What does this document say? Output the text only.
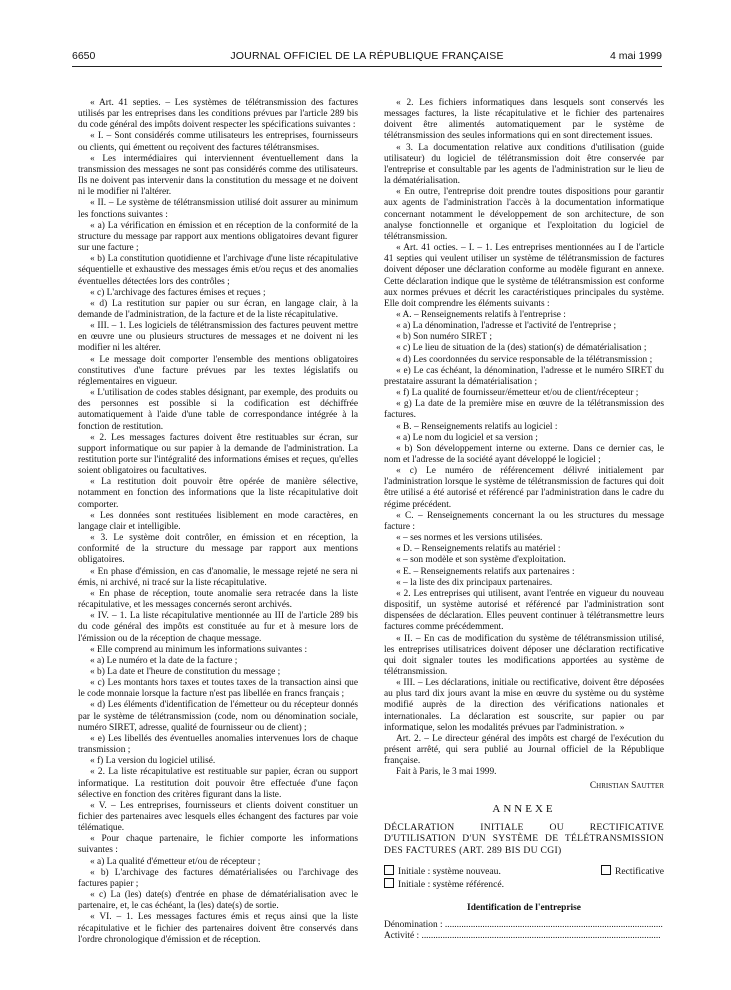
6650	JOURNAL OFFICIEL DE LA RÉPUBLIQUE FRANÇAISE	4 mai 1999

« Art. 41 septies. – Les systèmes de télétransmission des factures utilisés par les entreprises dans les conditions prévues par l'article 289 bis du code général des impôts doivent respecter les spécifications suivantes :

« I. – Sont considérés comme utilisateurs les entreprises, fournisseurs ou clients, qui émettent ou reçoivent des factures télétransmises.

« Les intermédiaires qui interviennent éventuellement dans la transmission des messages ne sont pas considérés comme des utilisateurs. Ils ne doivent pas intervenir dans la constitution du message et ne doivent ni le modifier ni l'altérer.

« II. – Le système de télétransmission utilisé doit assurer au minimum les fonctions suivantes :

« a) La vérification en émission et en réception de la conformité de la structure du message par rapport aux mentions obligatoires devant figurer sur une facture ;

« b) La constitution quotidienne et l'archivage d'une liste récapitulative séquentielle et exhaustive des messages émis et/ou reçus et des anomalies éventuelles détectées lors des contrôles ;

« c) L'archivage des factures émises et reçues ;

« d) La restitution sur papier ou sur écran, en langage clair, à la demande de l'administration, de la facture et de la liste récapitulative.

« III. – 1. Les logiciels de télétransmission des factures peuvent mettre en œuvre une ou plusieurs structures de messages et ne doivent ni les modifier ni les altérer.

« Le message doit comporter l'ensemble des mentions obligatoires constitutives d'une facture prévues par les textes législatifs ou réglementaires en vigueur.

« L'utilisation de codes stables désignant, par exemple, des produits ou des personnes est possible si la codification est déchiffrée automatiquement à l'aide d'une table de correspondance intégrée à la fonction de restitution.

« 2. Les messages factures doivent être restituables sur écran, sur support informatique ou sur papier à la demande de l'administration. La restitution porte sur l'intégralité des informations émises et reçues, qu'elles soient obligatoires ou facultatives.

« La restitution doit pouvoir être opérée de manière sélective, notamment en fonction des informations que la liste récapitulative doit comporter.

« Les données sont restituées lisiblement en mode caractères, en langage clair et intelligible.

« 3. Le système doit contrôler, en émission et en réception, la conformité de la structure du message par rapport aux mentions obligatoires.

« En phase d'émission, en cas d'anomalie, le message rejeté ne sera ni émis, ni archivé, ni tracé sur la liste récapitulative.

« En phase de réception, toute anomalie sera retracée dans la liste récapitulative, et les messages concernés seront archivés.

« IV. – 1. La liste récapitulative mentionnée au III de l'article 289 bis du code général des impôts est constituée au fur et à mesure lors de l'émission ou de la réception de chaque message.

« Elle comprend au minimum les informations suivantes :

« a) Le numéro et la date de la facture ;

« b) La date et l'heure de constitution du message ;

« c) Les montants hors taxes et toutes taxes de la transaction ainsi que le code monnaie lorsque la facture n'est pas libellée en francs français ;

« d) Les éléments d'identification de l'émetteur ou du récepteur donnés par le système de télétransmission (code, nom ou dénomination sociale, numéro SIRET, adresse, qualité de fournisseur ou de client) ;

« e) Les libellés des éventuelles anomalies intervenues lors de chaque transmission ;

« f) La version du logiciel utilisé.

« 2. La liste récapitulative est restituable sur papier, écran ou support informatique. La restitution doit pouvoir être effectuée d'une façon sélective en fonction des critères figurant dans la liste.

« V. – Les entreprises, fournisseurs et clients doivent constituer un fichier des partenaires avec lesquels elles échangent des factures par voie télématique.

« Pour chaque partenaire, le fichier comporte les informations suivantes :

« a) La qualité d'émetteur et/ou de récepteur ;

« b) L'archivage des factures dématérialisées ou l'archivage des factures papier ;

« c) La (les) date(s) d'entrée en phase de dématérialisation avec le partenaire, et, le cas échéant, la (les) date(s) de sortie.

« VI. – 1. Les messages factures émis et reçus ainsi que la liste récapitulative et le fichier des partenaires doivent être conservés dans l'ordre chronologique d'émission et de réception.

« 2. Les fichiers informatiques dans lesquels sont conservés les messages factures, la liste récapitulative et le fichier des partenaires doivent être alimentés automatiquement par le système de télétransmission des seules informations qui en sont directement issues.

« 3. La documentation relative aux conditions d'utilisation (guide utilisateur) du logiciel de télétransmission doit être conservée par l'entreprise et consultable par les agents de l'administration sur le lieu de la dématérialisation.

« En outre, l'entreprise doit prendre toutes dispositions pour garantir aux agents de l'administration l'accès à la documentation informatique concernant notamment le développement de son architecture, de son analyse fonctionnelle et organique et l'exploitation du logiciel de télétransmission.

« Art. 41 octies. – I. – 1. Les entreprises mentionnées au I de l'article 41 septies qui veulent utiliser un système de télétransmission de factures doivent déposer une déclaration conforme au modèle figurant en annexe. Cette déclaration indique que le système de télétransmission est conforme aux normes prévues et décrit les caractéristiques principales du système. Elle doit comprendre les éléments suivants :

« A. – Renseignements relatifs à l'entreprise :

« a) La dénomination, l'adresse et l'activité de l'entreprise ;

« b) Son numéro SIRET ;

« c) Le lieu de situation de la (des) station(s) de dématérialisation ;

« d) Les coordonnées du service responsable de la télétransmission ;

« e) Le cas échéant, la dénomination, l'adresse et le numéro SIRET du prestataire assurant la dématérialisation ;

« f) La qualité de fournisseur/émetteur et/ou de client/récepteur ;

« g) La date de la première mise en œuvre de la télétransmission des factures.

« B. – Renseignements relatifs au logiciel :

« a) Le nom du logiciel et sa version ;

« b) Son développement interne ou externe. Dans ce dernier cas, le nom et l'adresse de la société ayant développé le logiciel ;

« c) Le numéro de référencement délivré initialement par l'administration lorsque le système de télétransmission de factures qui doit être utilisé a été autorisé et référencé par l'administration dans le cadre du régime précédent.

« C. – Renseignements concernant la ou les structures du message facture :

« – ses normes et les versions utilisées.

« D. – Renseignements relatifs au matériel :

« – son modèle et son système d'exploitation.

« E. – Renseignements relatifs aux partenaires :

« – la liste des dix principaux partenaires.

« 2. Les entreprises qui utilisent, avant l'entrée en vigueur du nouveau dispositif, un système autorisé et référencé par l'administration sont dispensées de déclaration. Elles peuvent continuer à télétransmettre leurs factures comme précédemment.

« II. – En cas de modification du système de télétransmission utilisé, les entreprises utilisatrices doivent déposer une déclaration rectificative qui doit signaler toutes les modifications apportées au système de télétransmission.

« III. – Les déclarations, initiale ou rectificative, doivent être déposées au plus tard dix jours avant la mise en œuvre du système ou du système modifié auprès de la direction des vérifications nationales et internationales. La déclaration est souscrite, sur papier ou par informatique, selon les modalités prévues par l'administration. »

Art. 2. – Le directeur général des impôts est chargé de l'exécution du présent arrêté, qui sera publié au Journal officiel de la République française.

Fait à Paris, le 3 mai 1999.

Christian Sautter

ANNEXE

DÉCLARATION INITIALE OU RECTIFICATIVE D'UTILISATION D'UN SYSTÈME DE TÉLÉTRANSMISSION DES FACTURES (ART. 289 BIS DU CGI)

Initiale : système nouveau.	Rectificative
Initiale : système référencé.

Identification de l'entreprise

Dénomination : .............................................................................................

Activité : ......................................................................................................
